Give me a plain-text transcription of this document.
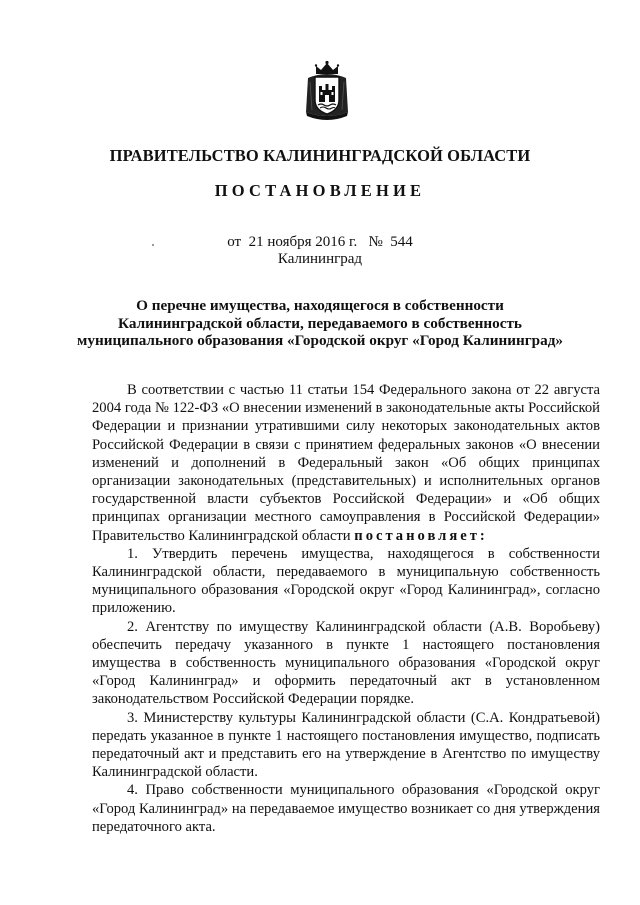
ПРАВИТЕЛЬСТВО КАЛИНИНГРАДСКОЙ ОБЛАСТИ
ПОСТАНОВЛЕНИЕ
от 21 ноября 2016 г. № 544
Калининград
О перечне имущества, находящегося в собственности
Калининградской области, передаваемого в собственность
муниципального образования «Городской округ «Город Калининград»

В соответствии с частью 11 статьи 154 Федерального закона от 22 августа 2004 года № 122-ФЗ «О внесении изменений в законодательные акты Российской Федерации и признании утратившими силу некоторых законодательных актов Российской Федерации в связи с принятием федеральных законов «О внесении изменений и дополнений в Федеральный закон «Об общих принципах организации законодательных (представительных) и исполнительных органов государственной власти субъектов Российской Федерации» и «Об общих принципах организации местного самоуправления в Российской Федерации» Правительство Калининградской области постановляет:

1. Утвердить перечень имущества, находящегося в собственности Калининградской области, передаваемого в муниципальную собственность муниципального образования «Городской округ «Город Калининград», согласно приложению.

2. Агентству по имуществу Калининградской области (А.В. Воробьеву) обеспечить передачу указанного в пункте 1 настоящего постановления имущества в собственность муниципального образования «Городской округ «Город Калининград» и оформить передаточный акт в установленном законодательством Российской Федерации порядке.

3. Министерству культуры Калининградской области (С.А. Кондратьевой) передать указанное в пункте 1 настоящего постановления имущество, подписать передаточный акт и представить его на утверждение в Агентство по имуществу Калининградской области.

4. Право собственности муниципального образования «Городской округ «Город Калининград» на передаваемое имущество возникает со дня утверждения передаточного акта.
